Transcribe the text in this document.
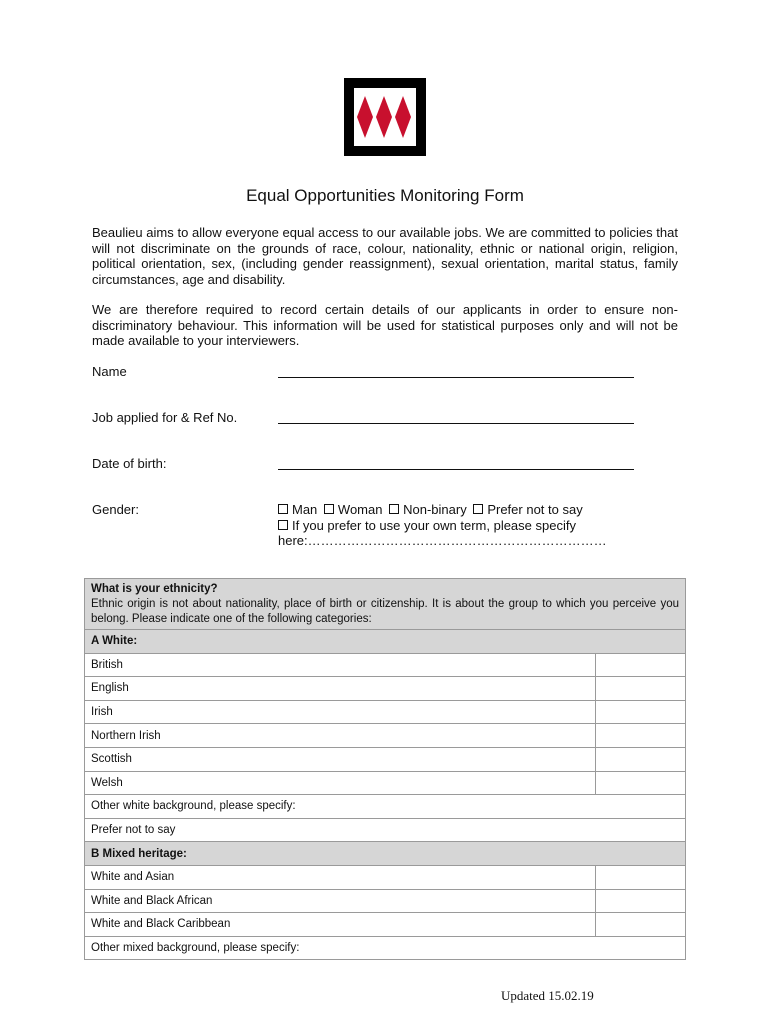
Equal Opportunities Monitoring Form
Beaulieu aims to allow everyone equal access to our available jobs. We are committed to policies that will not discriminate on the grounds of race, colour, nationality, ethnic or national origin, religion, political orientation, sex, (including gender reassignment), sexual orientation, marital status, family circumstances, age and disability.
We are therefore required to record certain details of our applicants in order to ensure non-discriminatory behaviour. This information will be used for statistical purposes only and will not be made available to your interviewers.
Name
Job applied for & Ref No.
Date of birth:
Gender:	Man Woman Non-binary Prefer not to say
If you prefer to use your own term, please specify
here:……………………………………………………………
What is your ethnicity?
Ethnic origin is not about nationality, place of birth or citizenship. It is about the group to which you perceive you belong. Please indicate one of the following categories:	

A White:	
British	
English	
Irish	
Northern Irish	
Scottish	
Welsh	
Other white background, please specify:	
Prefer not to say	
B Mixed heritage:	
White and Asian	
White and Black African	
White and Black Caribbean	
Other mixed background, please specify:	
Updated 15.02.19
